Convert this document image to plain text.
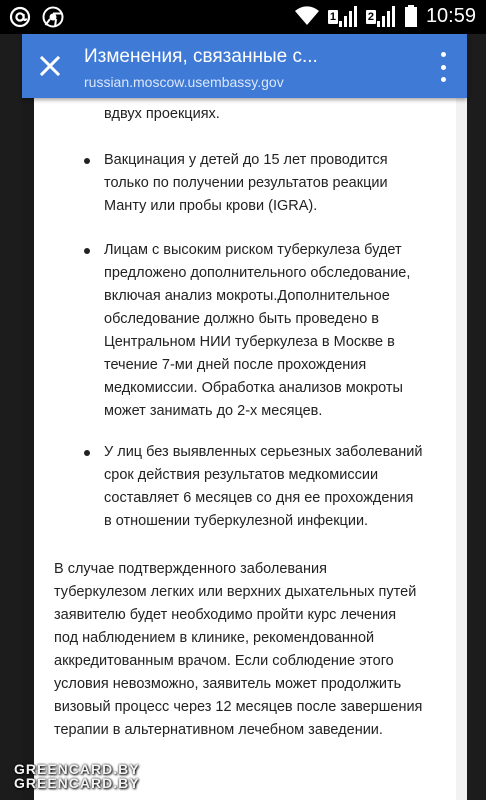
1	2	10:59
Изменения, связанные с...
russian.moscow.usembassy.gov
вдвух проекциях.
Вакцинация у детей до 15 лет проводится
только по получении результатов реакции
Манту или пробы крови (IGRA).
Лицам с высоким риском туберкулеза будет
предложено дополнительного обследование,
включая анализ мокроты.Дополнительное
обследование должно быть проведено в
Центральном НИИ туберкулеза в Москве в
течение 7-ми дней после прохождения
медкомиссии. Обработка анализов мокроты
может занимать до 2-х месяцев.
У лиц без выявленных серьезных заболеваний
срок действия результатов медкомиссии
составляет 6 месяцев со дня ее прохождения
в отношении туберкулезной инфекции.
В случае подтвержденного заболевания
туберкулезом легких или верхних дыхательных путей
заявителю будет необходимо пройти курс лечения
под наблюдением в клинике, рекомендованной
аккредитованным врачом. Если соблюдение этого
условия невозможно, заявитель может продолжить
визовый процесс через 12 месяцев после завершения
терапии в альтернативном лечебном заведении.
GREENCARD.BY
GREENCARD.BY
